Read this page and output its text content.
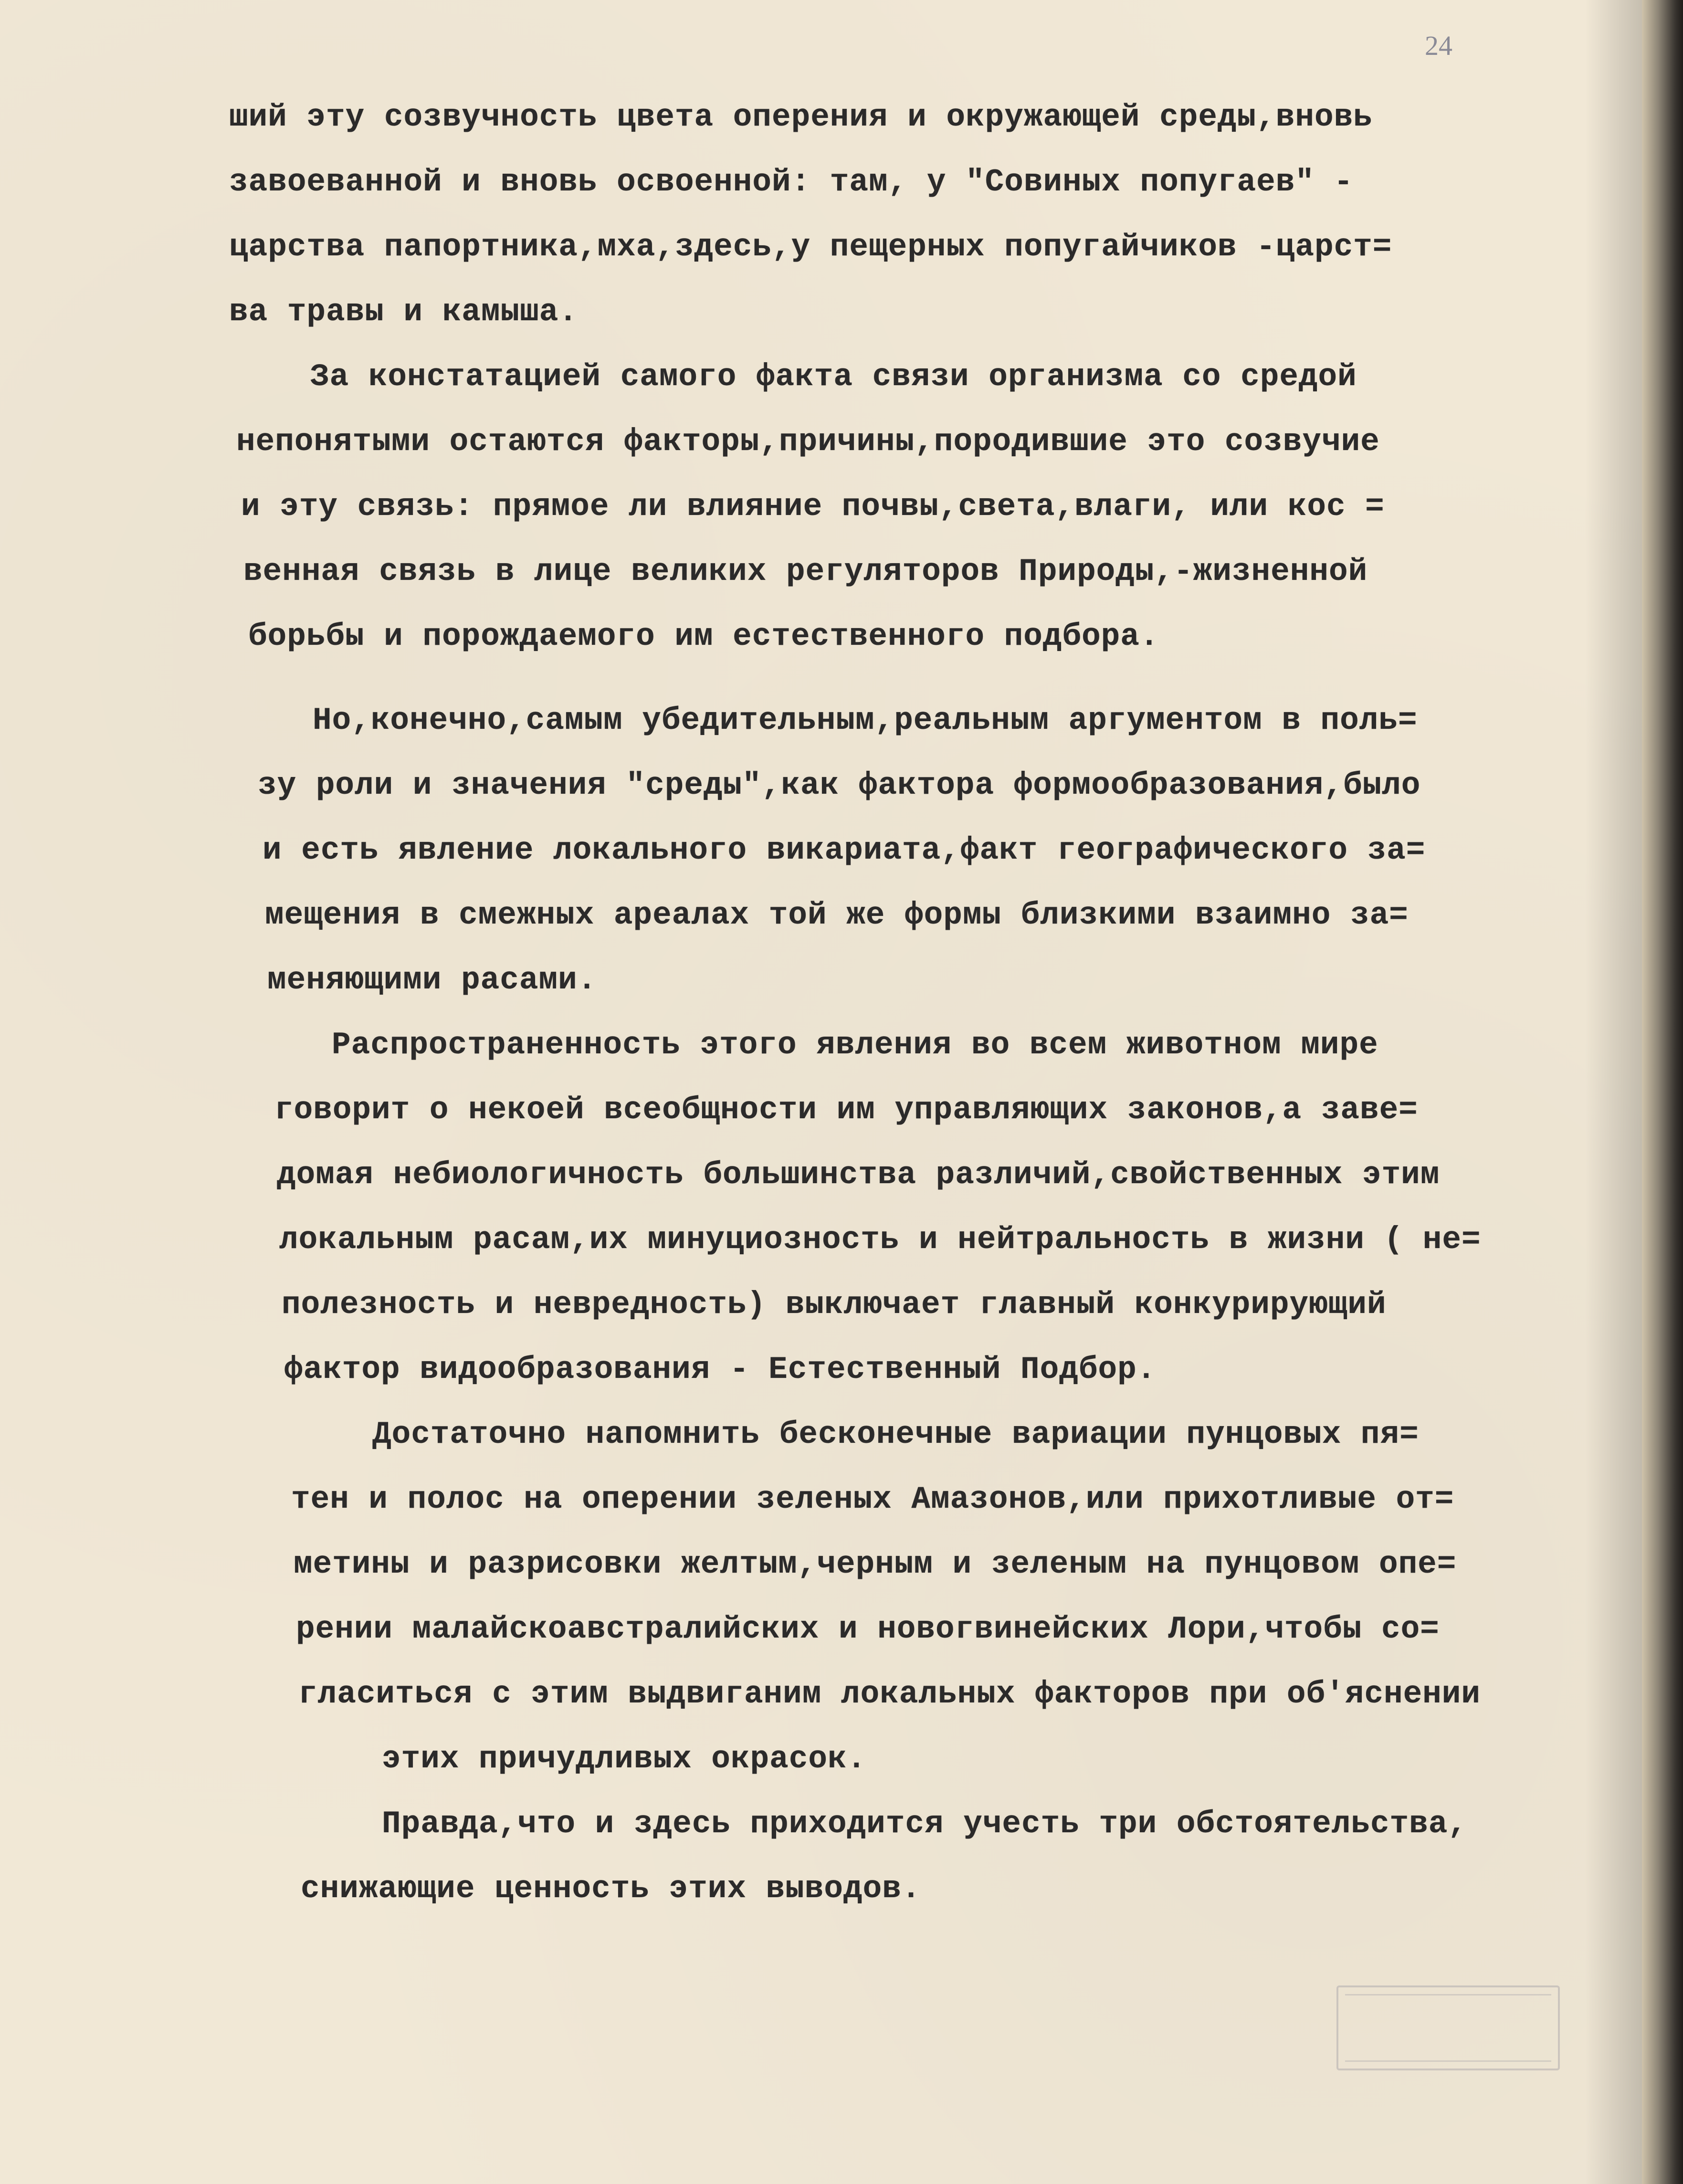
24
ший эту созвучность цвета оперения и окружающей среды,вновь
завоеванной и вновь освоенной: там, у "Совиных попугаев" -
царства папортника,мха,здесь,у пещерных попугайчиков -царст=
ва травы и камыша.
За констатацией самого факта связи организма со средой
непонятыми остаются факторы,причины,породившие это созвучие
и эту связь: прямое ли влияние почвы,света,влаги, или кос =
венная связь в лице великих регуляторов Природы,-жизненной
борьбы и порождаемого им естественного подбора.
Но,конечно,самым убедительным,реальным аргументом в поль=
зу роли и значения "среды",как фактора формообразования,было
и есть явление локального викариата,факт географического за=
мещения в смежных ареалах той же формы близкими взаимно за=
меняющими расами.
Распространенность этого явления во всем животном мире
говорит о некоей всеобщности им управляющих законов,а заве=
домая небиологичность большинства различий,свойственных этим
локальным расам,их минуциозность и нейтральность в жизни ( не=
полезность и невредность) выключает главный конкурирующий
фактор видообразования - Естественный Подбор.
Достаточно напомнить бесконечные вариации пунцовых пя=
тен и полос на оперении зеленых Амазонов,или прихотливые от=
метины и разрисовки желтым,черным и зеленым на пунцовом опе=
рении малайскоавстралийских и новогвинейских Лори,чтобы со=
гласиться с этим выдвиганим локальных факторов при об'яснении
этих причудливых окрасок.
Правда,что и здесь приходится учесть три обстоятельства,
снижающие ценность этих выводов.
